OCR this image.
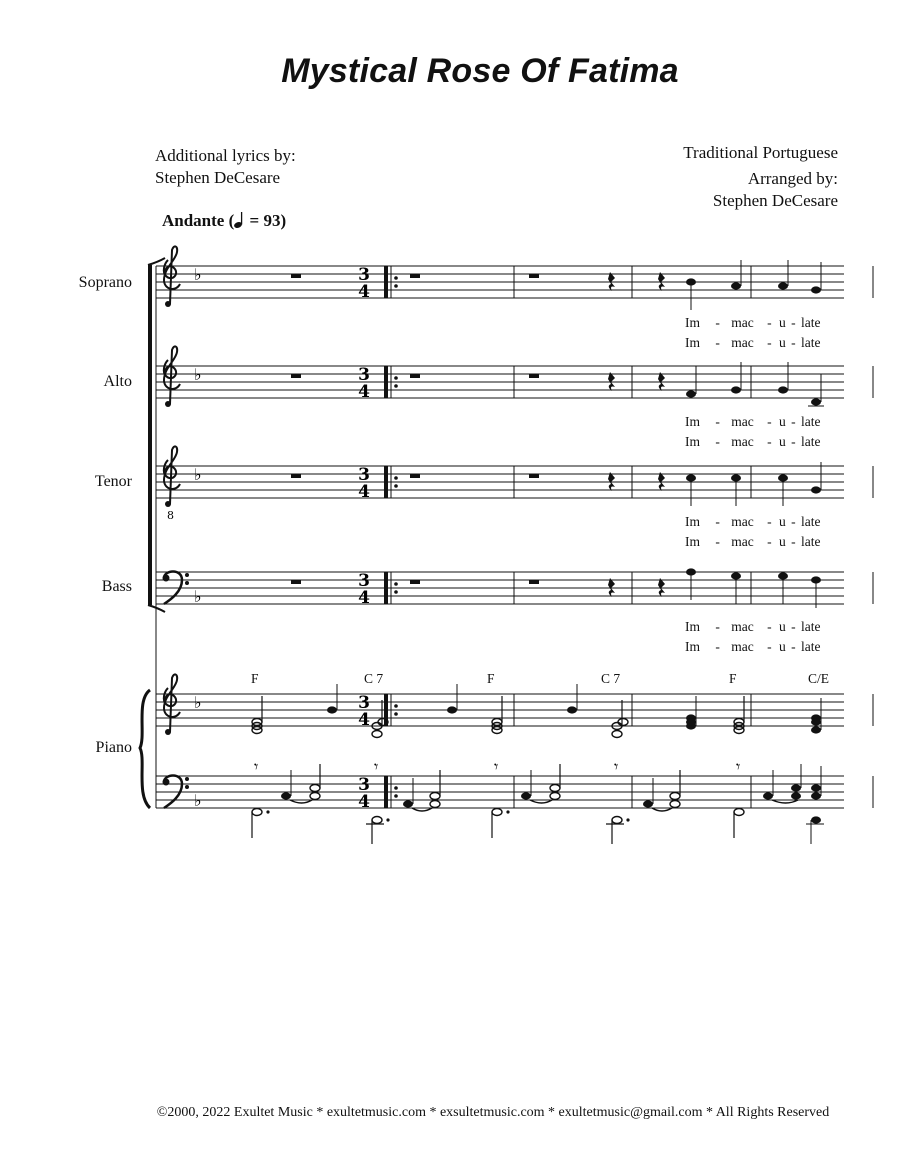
Mystical Rose Of Fatima
Additional lyrics by:
Stephen DeCesare
Traditional Portuguese
Arranged by:
Stephen DeCesare
Andante ( = 93)
Soprano
Alto
Tenor
Bass
Piano
3
4
♭
♭
8
♭
♭
♭
♭
𝄾	𝄾	𝄾	𝄾	𝄾
Im - mac - u - late
Im - mac - u - late
Im - mac - u - late
Im - mac - u - late
Im - mac - u - late
Im - mac - u - late
Im - mac - u - late
Im - mac - u - late
F	C 7	F	C 7	F	C/E
©2000, 2022 Exultet Music * exultetmusic.com * exsultetmusic.com * exultetmusic@gmail.com * All Rights Reserved
